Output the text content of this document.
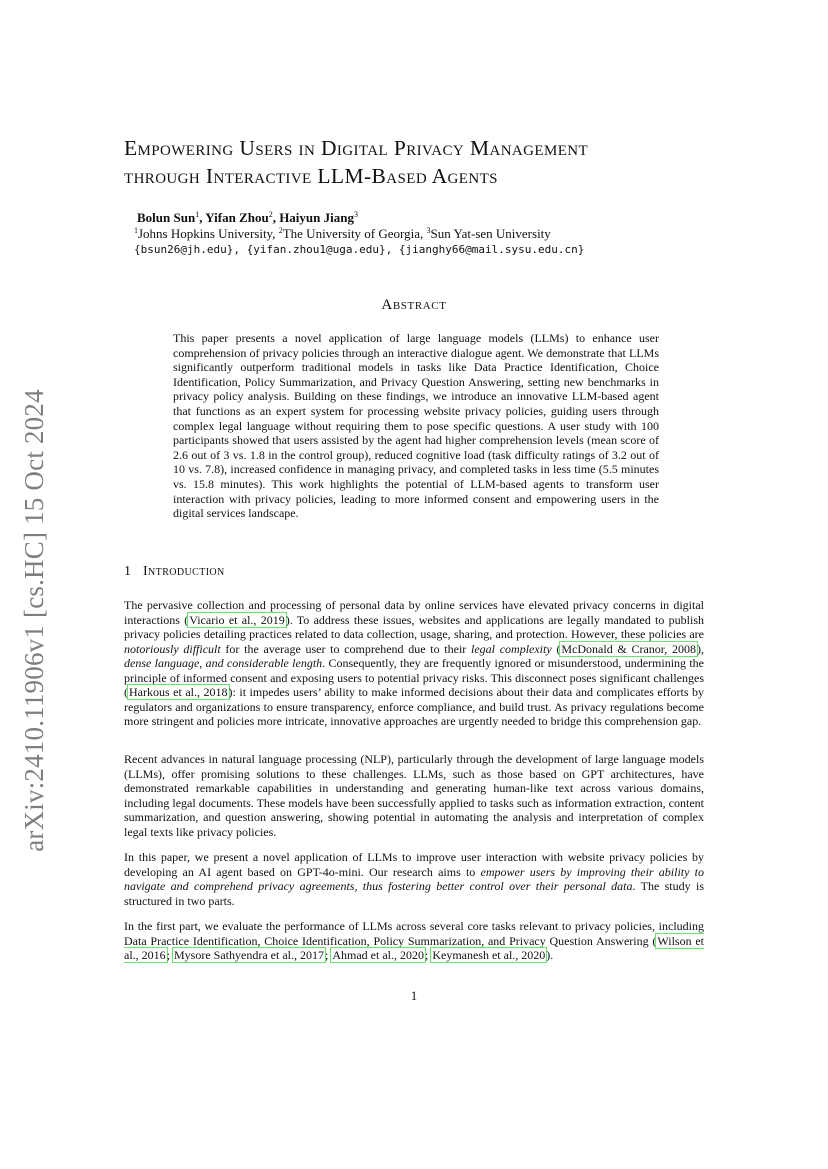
arXiv:2410.11906v1 [cs.HC] 15 Oct 2024
Empowering Users in Digital Privacy Management
through Interactive LLM-Based Agents
Bolun Sun$^1$, Yifan Zhou$^2$, Haiyun Jiang$^3$
$^1$Johns Hopkins University, $^2$The University of Georgia, $^3$Sun Yat-sen University
{bsun26@jh.edu}, {yifan.zhou1@uga.edu}, {jianghy66@mail.sysu.edu.cn}
Abstract

This paper presents a novel application of large language models (LLMs) to enhance user comprehension of privacy policies through an interactive dialogue agent. We demonstrate that LLMs significantly outperform traditional models in tasks like Data Practice Identification, Choice Identification, Policy Summarization, and Privacy Question Answering, setting new benchmarks in privacy policy analysis. Building on these findings, we introduce an innovative LLM-based agent that functions as an expert system for processing website privacy policies, guiding users through complex legal language without requiring them to pose specific questions. A user study with 100 participants showed that users assisted by the agent had higher comprehension levels (mean score of 2.6 out of 3 vs. 1.8 in the control group), reduced cognitive load (task difficulty ratings of 3.2 out of 10 vs. 7.8), increased confidence in managing privacy, and completed tasks in less time (5.5 minutes vs. 15.8 minutes). This work highlights the potential of LLM-based agents to transform user interaction with privacy policies, leading to more informed consent and empowering users in the digital services landscape.

1 Introduction

The pervasive collection and processing of personal data by online services have elevated privacy concerns in digital interactions (Vicario et al., 2019). To address these issues, websites and applications are legally mandated to publish privacy policies detailing practices related to data collection, usage, sharing, and protection. However, these policies are notoriously difficult for the average user to comprehend due to their legal complexity (McDonald & Cranor, 2008), dense language, and considerable length. Consequently, they are frequently ignored or misunderstood, undermining the principle of informed consent and exposing users to potential privacy risks. This disconnect poses significant challenges (Harkous et al., 2018): it impedes users’ ability to make informed decisions about their data and complicates efforts by regulators and organizations to ensure transparency, enforce compliance, and build trust. As privacy regulations become more stringent and policies more intricate, innovative approaches are urgently needed to bridge this comprehension gap.

Recent advances in natural language processing (NLP), particularly through the development of large language models (LLMs), offer promising solutions to these challenges. LLMs, such as those based on GPT architectures, have demonstrated remarkable capabilities in understanding and generating human-like text across various domains, including legal documents. These models have been successfully applied to tasks such as information extraction, content summarization, and question answering, showing potential in automating the analysis and interpretation of complex legal texts like privacy policies.

In this paper, we present a novel application of LLMs to improve user interaction with website privacy policies by developing an AI agent based on GPT-4o-mini. Our research aims to empower users by improving their ability to navigate and comprehend privacy agreements, thus fostering better control over their personal data. The study is structured in two parts.

In the first part, we evaluate the performance of LLMs across several core tasks relevant to privacy policies, including Data Practice Identification, Choice Identification, Policy Summarization, and Privacy Question Answering (Wilson et al., 2016; Mysore Sathyendra et al., 2017; Ahmad et al., 2020; Keymanesh et al., 2020).

1
